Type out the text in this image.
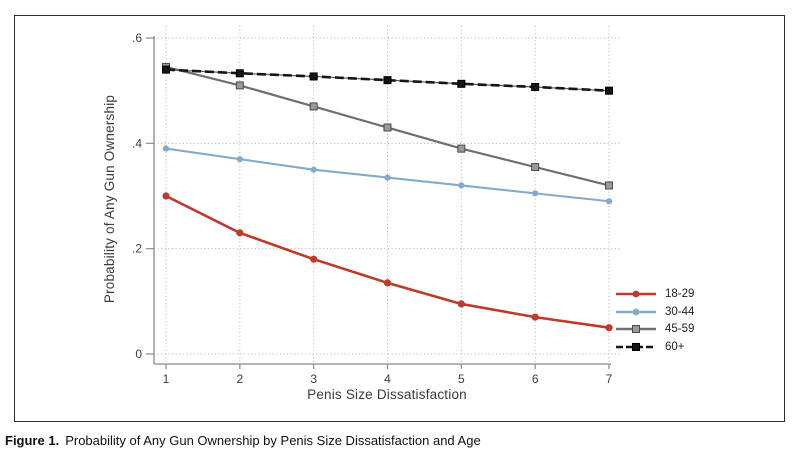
0
.2
.4
.6
1	2	3	4	5	6	7
Probability of Any Gun Ownership
Penis Size Dissatisfaction
18-29
30-44
45-59
60+
Figure 1. Probability of Any Gun Ownership by Penis Size Dissatisfaction and Age
